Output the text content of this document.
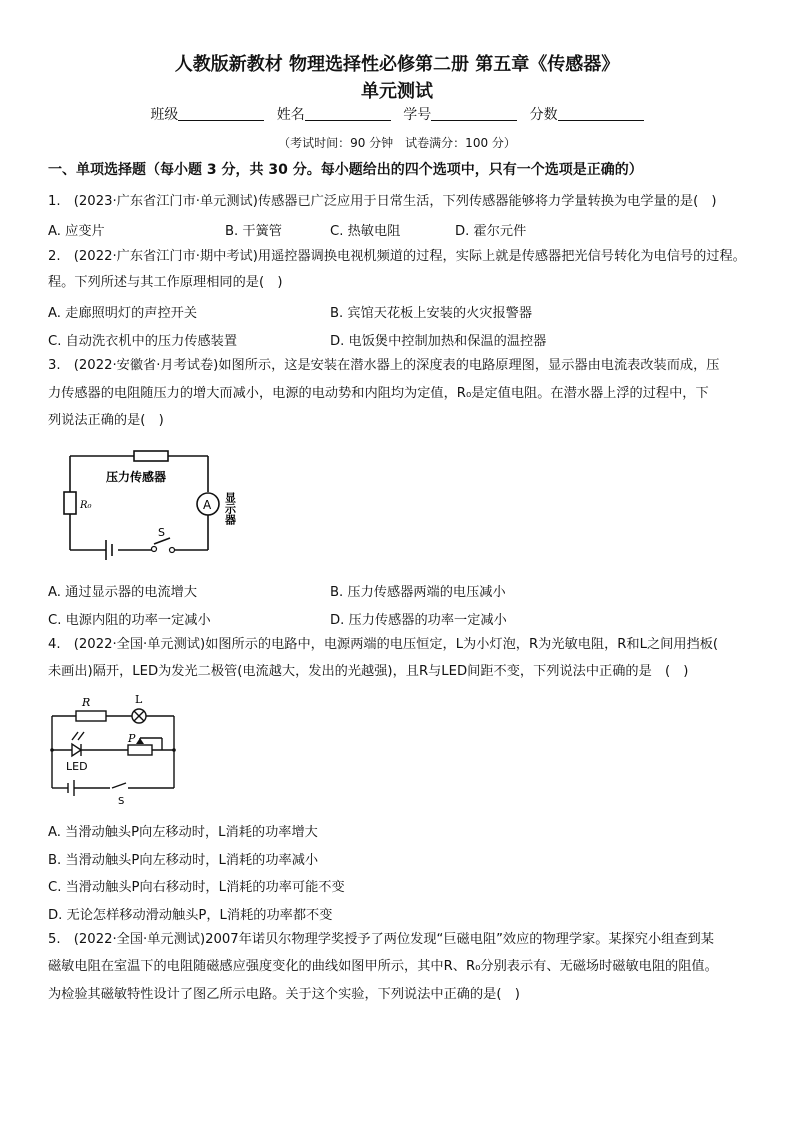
人教版新教材 物理选择性必修第二册 第五章《传感器》
单元测试
班级	姓名	学号	分数
（考试时间：90 分钟　试卷满分：100 分）
一、单项选择题（每小题 3 分，共 30 分。每小题给出的四个选项中，只有一个选项是正确的）
1.　(2023·广东省江门市·单元测试)传感器已广泛应用于日常生活，下列传感器能够将力学量转换为电学量的是(　)
A. 应变片	B. 干簧管	C. 热敏电阻	D. 霍尔元件
2.　(2022·广东省江门市·期中考试)用遥控器调换电视机频道的过程，实际上就是传感器把光信号转化为电信号的过程。
程。下列所述与其工作原理相同的是(　)
A. 走廊照明灯的声控开关	B. 宾馆天花板上安装的火灾报警器
C. 自动洗衣机中的压力传感装置	D. 电饭煲中控制加热和保温的温控器
3.　(2022·安徽省·月考试卷)如图所示，这是安装在潜水器上的深度表的电路原理图，显示器由电流表改装而成，压
力传感器的电阻随压力的增大而减小，电源的电动势和内阻均为定值，R₀是定值电阻。在潜水器上浮的过程中，下
列说法正确的是(　)
压力传感器
R₀	A 显示器
S
A. 通过显示器的电流增大	B. 压力传感器两端的电压减小
C. 电源内阻的功率一定减小	D. 压力传感器的功率一定减小
4.　(2022·全国·单元测试)如图所示的电路中，电源两端的电压恒定，L为小灯泡，R为光敏电阻，R和L之间用挡板(
未画出)隔开，LED为发光二极管(电流越大，发出的光越强)，且R与LED间距不变，下列说法中正确的是　(　)
R	L
LED
P
S
A. 当滑动触头P向左移动时，L消耗的功率增大
B. 当滑动触头P向左移动时，L消耗的功率减小
C. 当滑动触头P向右移动时，L消耗的功率可能不变
D. 无论怎样移动滑动触头P，L消耗的功率都不变
5.　(2022·全国·单元测试)2007年诺贝尔物理学奖授予了两位发现“巨磁电阻”效应的物理学家。某探究小组查到某
磁敏电阻在室温下的电阻随磁感应强度变化的曲线如图甲所示，其中R、R₀分别表示有、无磁场时磁敏电阻的阻值。
为检验其磁敏特性设计了图乙所示电路。关于这个实验，下列说法中正确的是(　)
